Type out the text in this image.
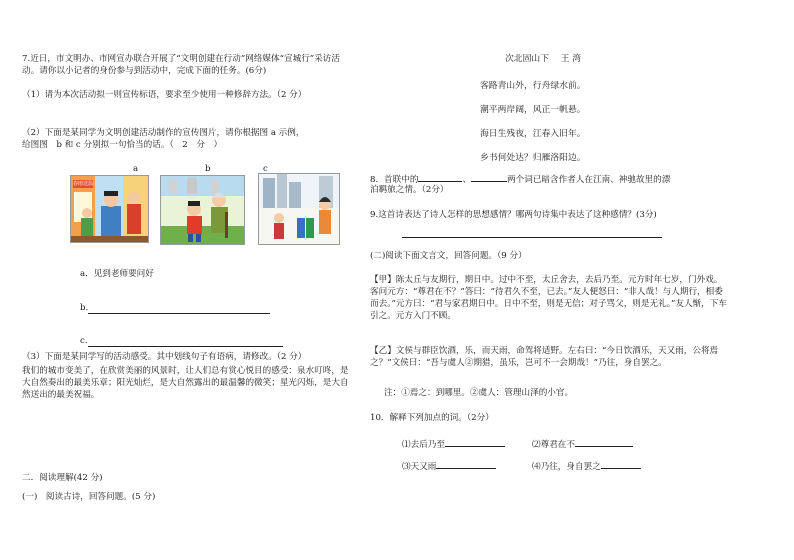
7.近日，市文明办、市网宣办联合开展了“文明创建在行动”网络媒体“宣城行”采访活动。请你以小记者的身份参与到活动中，完成下面的任务。(6分)
（1）请为本次活动拟一则宣传标语，要求至少使用一种修辞方法。（2 分）
（2）下面是某同学为文明创建活动制作的宣传图片，请你根据图 a 示例，
给图图　b 和 c 分别拟一句恰当的话。（　2　分　）
a	b	c
春雨送温
a．见到老师要问好
b.
c.
（3）下面是某同学写的活动感受。其中划线句子有语病，请修改。（2 分）
我们的城市变美了，在欣赏美丽的风景时，让人们总有赏心悦目的感受：泉水叮咚，是大自然奏出的最美乐章；阳光灿烂，是大自然露出的最温馨的微笑；星光闪烁，是大自然送出的最美祝福。
二．阅读理解(42 分)
(一)　阅读古诗，回答问题。(5 分)
次北固山下　 王 湾
客路青山外，行舟绿水前。
潮平两岸阔，风正一帆悬。
海日生残夜，江春入旧年。
乡书何处达？归雁洛阳边。
8．首联中的	、	两个词已暗含作者人在江南、神驰故里的漂
泊羁旅之情。（2分）
9.这首诗表达了诗人怎样的思想感情？哪两句诗集中表达了这种感情？(3分)
(二)阅读下面文言文，回答问题。（9 分）
【甲】陈太丘与友期行，期日中。过中不至，太丘舍去，去后乃至。元方时年七岁，门外戏。客问元方：“尊君在不？”答曰：“待君久不至，已去。”友人便怒曰：“非人哉！与人期行，相委而去。”元方曰：“君与家君期日中。日中不至，则是无信；对子骂父，则是无礼。”友人惭，下车引之。元方入门不顾。
【乙】文侯与群臣饮酒，乐，而天雨，命驾将适野。左右曰：“今日饮酒乐，天又雨，公将焉之？”文侯曰：“吾与虞人②期猎，虽乐，岂可不一会期哉！”乃往，身自罢之。
注：①焉之：到哪里。②虞人：管理山泽的小官。
10．解释下列加点的词。（2分）
⑴去后乃至	⑵尊君在不
⑶天又雨	⑷乃往，身自罢之
